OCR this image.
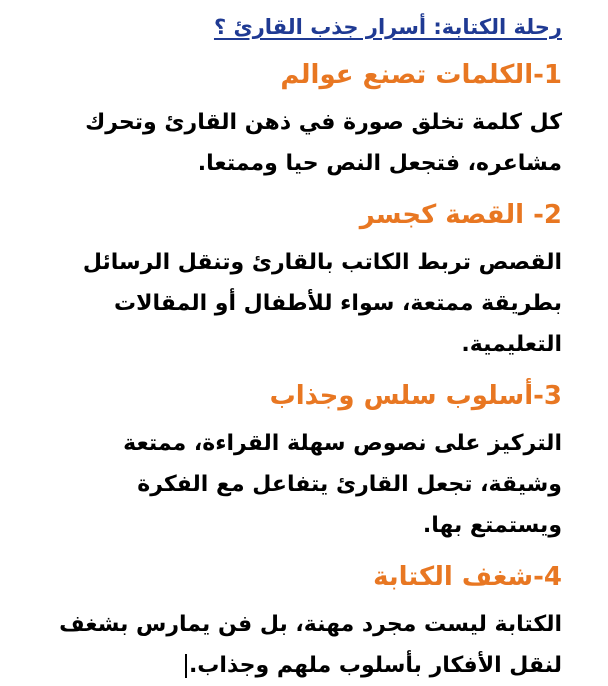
رحلة الكتابة: أسرار جذب القارئ ؟
1-الكلمات تصنع عوالم

كل كلمة تخلق صورة في ذهن القارئ وتحرك مشاعره، فتجعل النص حيا وممتعا.

2- القصة كجسر

القصص تربط الكاتب بالقارئ وتنقل الرسائل بطريقة ممتعة، سواء للأطفال أو المقالات التعليمية.

3-أسلوب سلس وجذاب

التركيز على نصوص سهلة القراءة، ممتعة وشيقة، تجعل القارئ يتفاعل مع الفكرة ويستمتع بها.

4-شغف الكتابة

الكتابة ليست مجرد مهنة، بل فن يمارس بشغف لنقل الأفكار بأسلوب ملهم وجذاب.
